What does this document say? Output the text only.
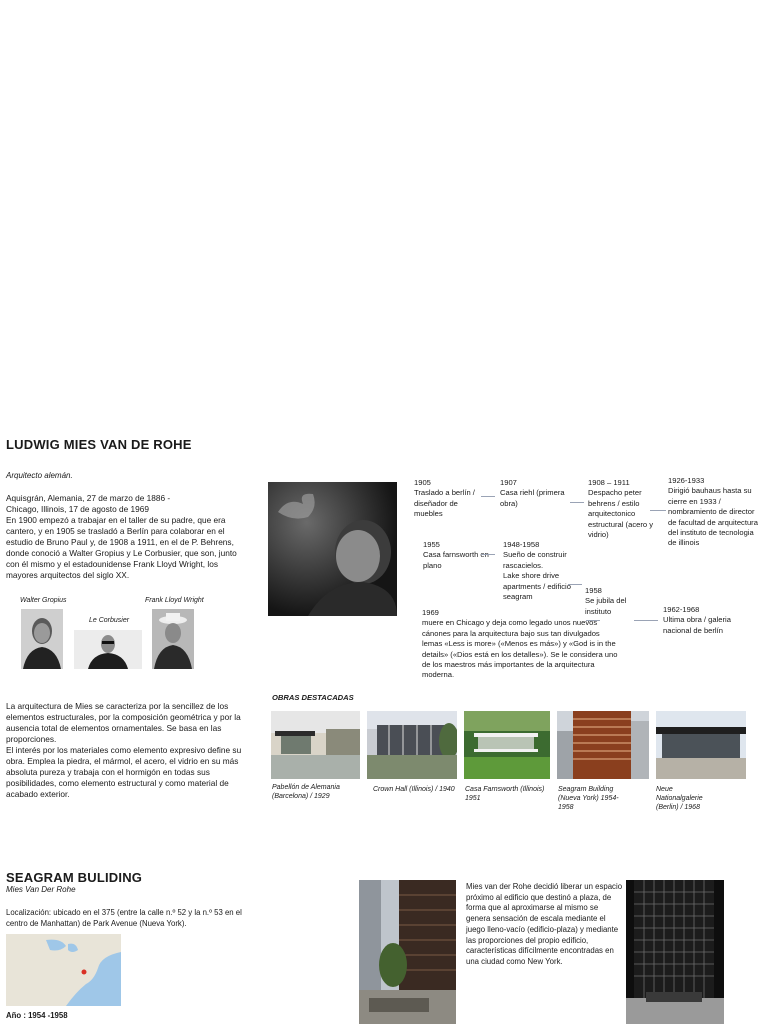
LUDWIG MIES VAN DE ROHE
Arquitecto alemán.
Aquisgrán, Alemania, 27 de marzo de 1886 -
Chicago, Illinois, 17 de agosto de 1969
En 1900 empezó a trabajar en el taller de su padre, que era cantero, y en 1905 se trasladó a Berlín para colaborar en el estudio de Bruno Paul y, de 1908 a 1911, en el de P. Behrens, donde conoció a Walter Gropius y Le Corbusier, que son, junto con él mismo y el estadounidense Frank Lloyd Wright, los mayores arquitectos del siglo XX.
Walter Gropius
Le Corbusier
Frank Lloyd Wright
1905
Traslado a berlín / diseñador de muebles
1907
Casa riehl (primera obra)
1908 – 1911
Despacho peter behrens / estilo arquitectonico estructural (acero y vidrio)
1926-1933
Dirigió bauhaus hasta su cierre en 1933 /
nombramiento de director de facultad de arquitectura del instituto de tecnologia de illinois
1955
Casa farnsworth en plano
1948-1958
Sueño de construir rascacielos.
Lake shore drive apartments / edificio seagram
1958
Se jubila del instituto	1962-1968
Ultima obra / galeria nacional de berlín
1969
muere en Chicago y deja como legado unos nuevos cánones para la arquitectura bajo sus tan divulgados lemas «Less is more» («Menos es más») y «God is in the details» («Dios está en los detalles»). Se le considera uno de los maestros más importantes de la arquitectura moderna.
La arquitectura de Mies se caracteriza por la sencillez de los elementos estructurales, por la composición geométrica y por la ausencia total de elementos ornamentales. Se basa en las proporciones.
El interés por los materiales como elemento expresivo define su obra. Emplea la piedra, el mármol, el acero, el vidrio en su más absoluta pureza y trabaja con el hormigón en todas sus posibilidades, como elemento estructural y como material de acabado exterior.
OBRAS DESTACADAS
Pabellón de Alemania (Barcelona) / 1929
Crown Hall (Illinois) / 1940	Casa Farnsworth (Illinois) 1951
Seagram Building (Nueva York) 1954-1958
Neue Nationalgalerie (Berlin) / 1968
SEAGRAM BULIDING
Mies Van Der Rohe
Localización: ubicado en el 375 (entre la calle n.º 52 y la n.º 53 en el centro de Manhattan) de Park Avenue (Nueva York).
Año : 1954 -1958
Mies van der Rohe decidió liberar un espacio próximo al edificio que destinó a plaza, de forma que al aproximarse al mismo se genera sensación de escala mediante el juego lleno-vacío (edificio-plaza) y mediante las proporciones del propio edificio, características difícilmente encontradas en una ciudad como New York.
